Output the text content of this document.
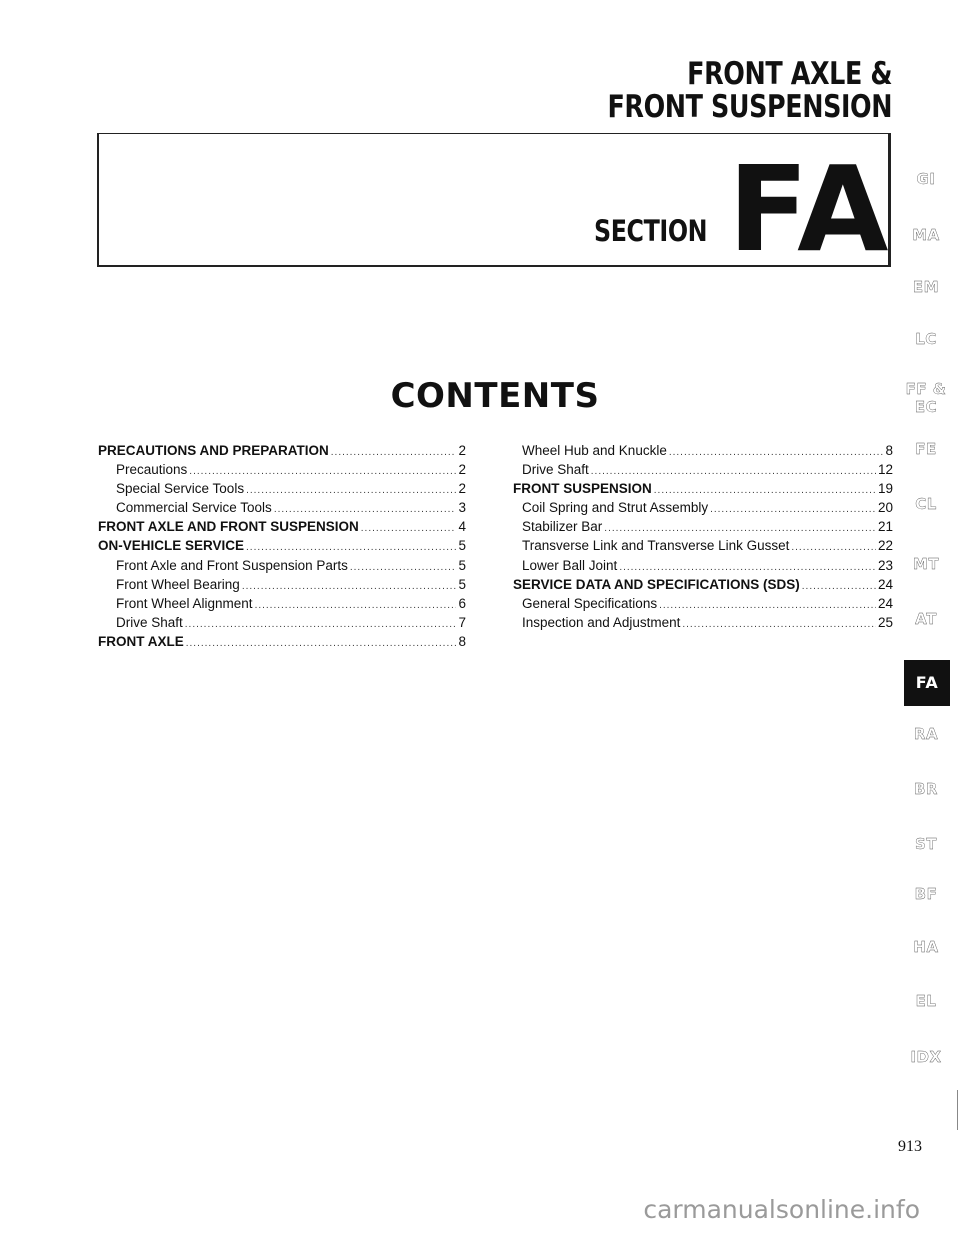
FRONT AXLE &
FRONT SUSPENSION
SECTION FA
CONTENTS
PRECAUTIONS AND PREPARATION .....	2
Precautions .....	2
Special Service Tools .....	2
Commercial Service Tools .....	3
FRONT AXLE AND FRONT SUSPENSION .....	4
ON-VEHICLE SERVICE .....	5
Front Axle and Front Suspension Parts .....	5
Front Wheel Bearing .....	5
Front Wheel Alignment .....	6
Drive Shaft .....	7
FRONT AXLE .....	8
Wheel Hub and Knuckle .....	8
Drive Shaft .....	12
FRONT SUSPENSION .....	19
Coil Spring and Strut Assembly .....	20
Stabilizer Bar .....	21
Transverse Link and Transverse Link Gusset .....	22
Lower Ball Joint .....	23
SERVICE DATA AND SPECIFICATIONS (SDS) .....	24
General Specifications .....	24
Inspection and Adjustment .....	25
GI
MA
EM
LC
FF & EC
FE
CL
MT
AT
FA
RA
BR
ST
BF
HA
EL
IDX
913
carmanualsonline.info
